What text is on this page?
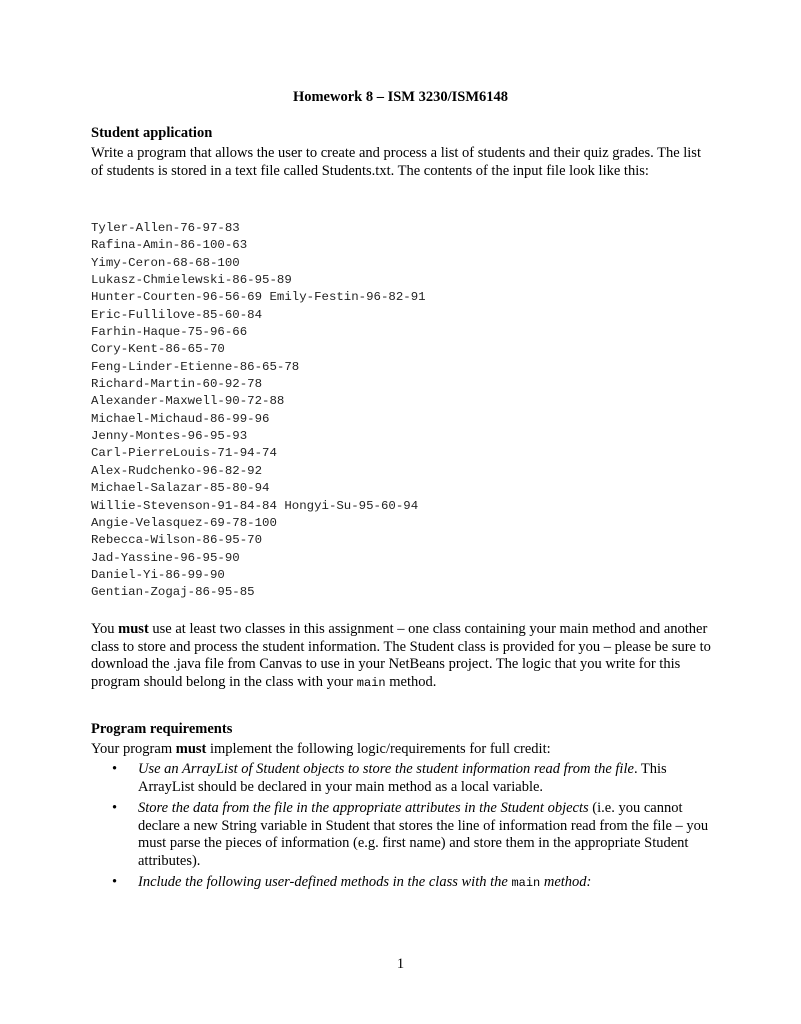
Homework 8 – ISM 3230/ISM6148
Student application
Write a program that allows the user to create and process a list of students and their quiz grades. The list of students is stored in a text file called Students.txt. The contents of the input file look like this:
Tyler-Allen-76-97-83
Rafina-Amin-86-100-63
Yimy-Ceron-68-68-100
Lukasz-Chmielewski-86-95-89
Hunter-Courten-96-56-69 Emily-Festin-96-82-91
Eric-Fullilove-85-60-84
Farhin-Haque-75-96-66
Cory-Kent-86-65-70
Feng-Linder-Etienne-86-65-78
Richard-Martin-60-92-78
Alexander-Maxwell-90-72-88
Michael-Michaud-86-99-96
Jenny-Montes-96-95-93
Carl-PierreLouis-71-94-74
Alex-Rudchenko-96-82-92
Michael-Salazar-85-80-94
Willie-Stevenson-91-84-84 Hongyi-Su-95-60-94
Angie-Velasquez-69-78-100
Rebecca-Wilson-86-95-70
Jad-Yassine-96-95-90
Daniel-Yi-86-99-90
Gentian-Zogaj-86-95-85
You must use at least two classes in this assignment – one class containing your main method and another class to store and process the student information. The Student class is provided for you – please be sure to download the .java file from Canvas to use in your NetBeans project. The logic that you write for this program should belong in the class with your main method.
Program requirements
Your program must implement the following logic/requirements for full credit:
• Use an ArrayList of Student objects to store the student information read from the file. This ArrayList should be declared in your main method as a local variable.
• Store the data from the file in the appropriate attributes in the Student objects (i.e. you cannot declare a new String variable in Student that stores the line of information read from the file – you must parse the pieces of information (e.g. first name) and store them in the appropriate Student attributes).
• Include the following user-defined methods in the class with the main method:
1
